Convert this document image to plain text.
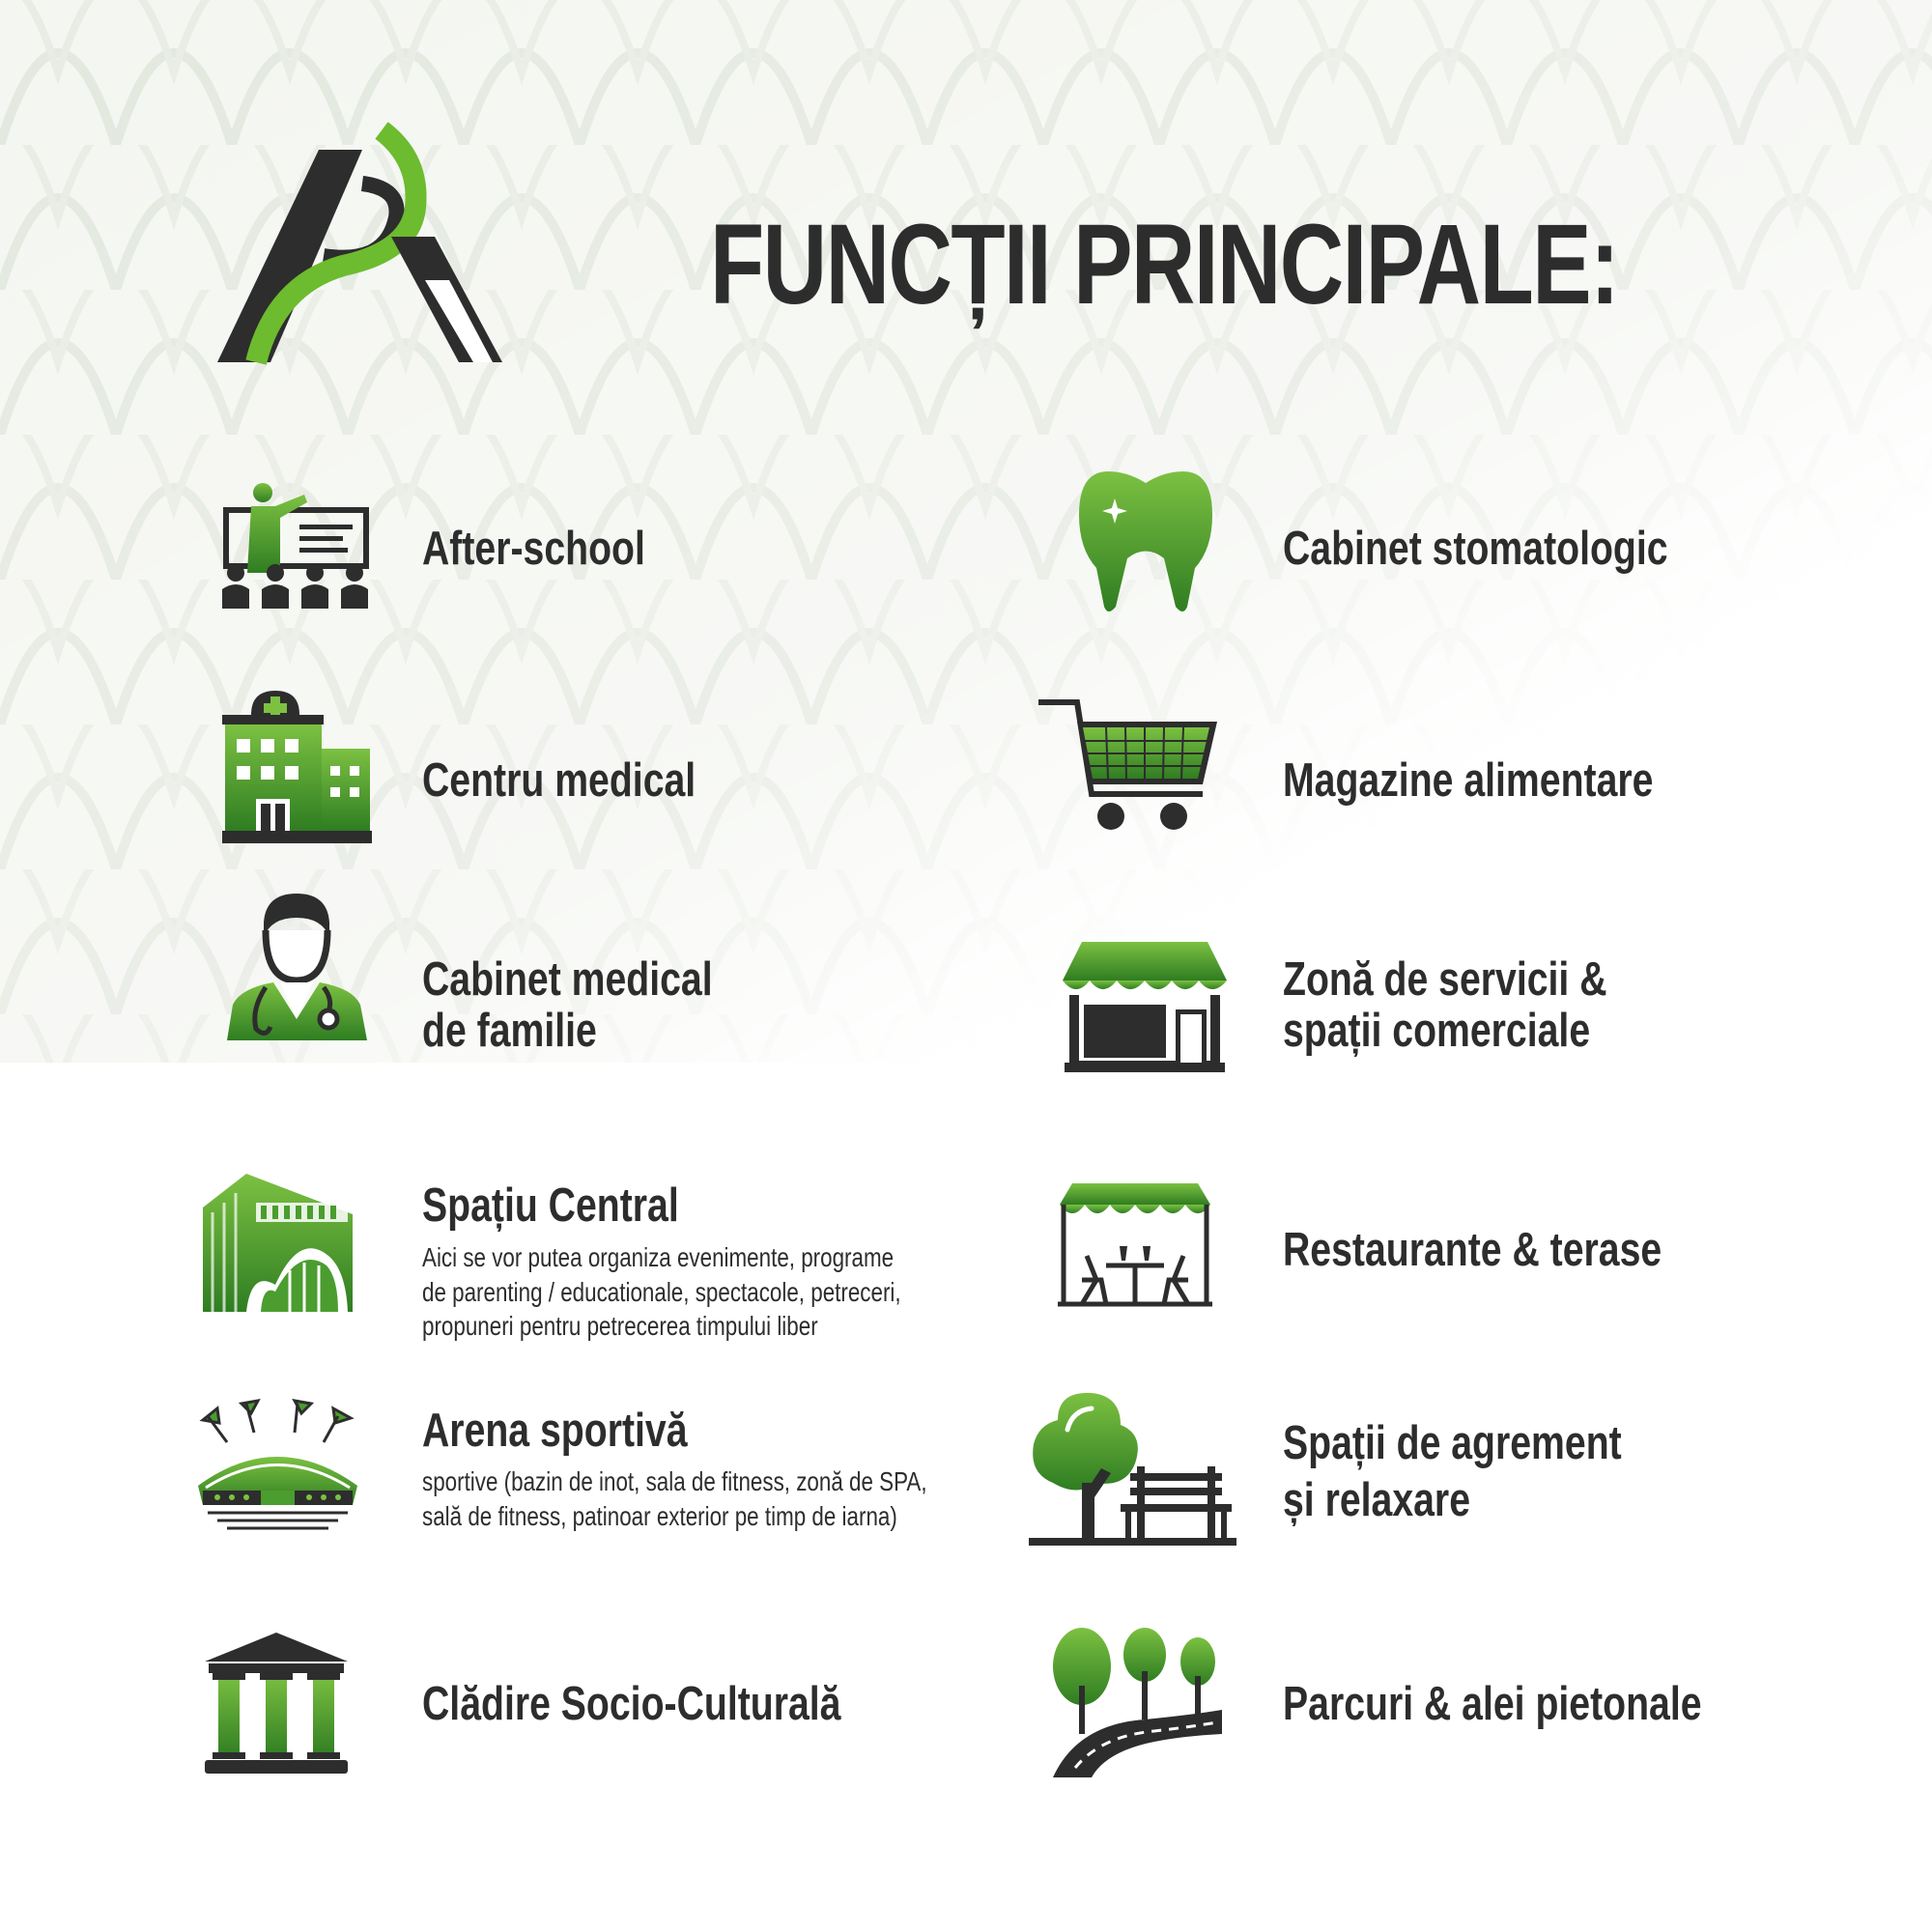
FUNCȚII PRINCIPALE:
After-school
Centru medical
Cabinet medical
de familie
Spațiu Central
Aici se vor putea organiza evenimente, programe
de parenting / educationale, spectacole, petreceri,
propuneri pentru petrecerea timpului liber
Arena sportivă
sportive (bazin de inot, sala de fitness, zonă de SPA,
sală de fitness, patinoar exterior pe timp de iarna)
Clădire Socio-Culturală
Cabinet stomatologic
Magazine alimentare
Zonă de servicii &
spații comerciale
Restaurante & terase
Spații de agrement
și relaxare
Parcuri & alei pietonale
